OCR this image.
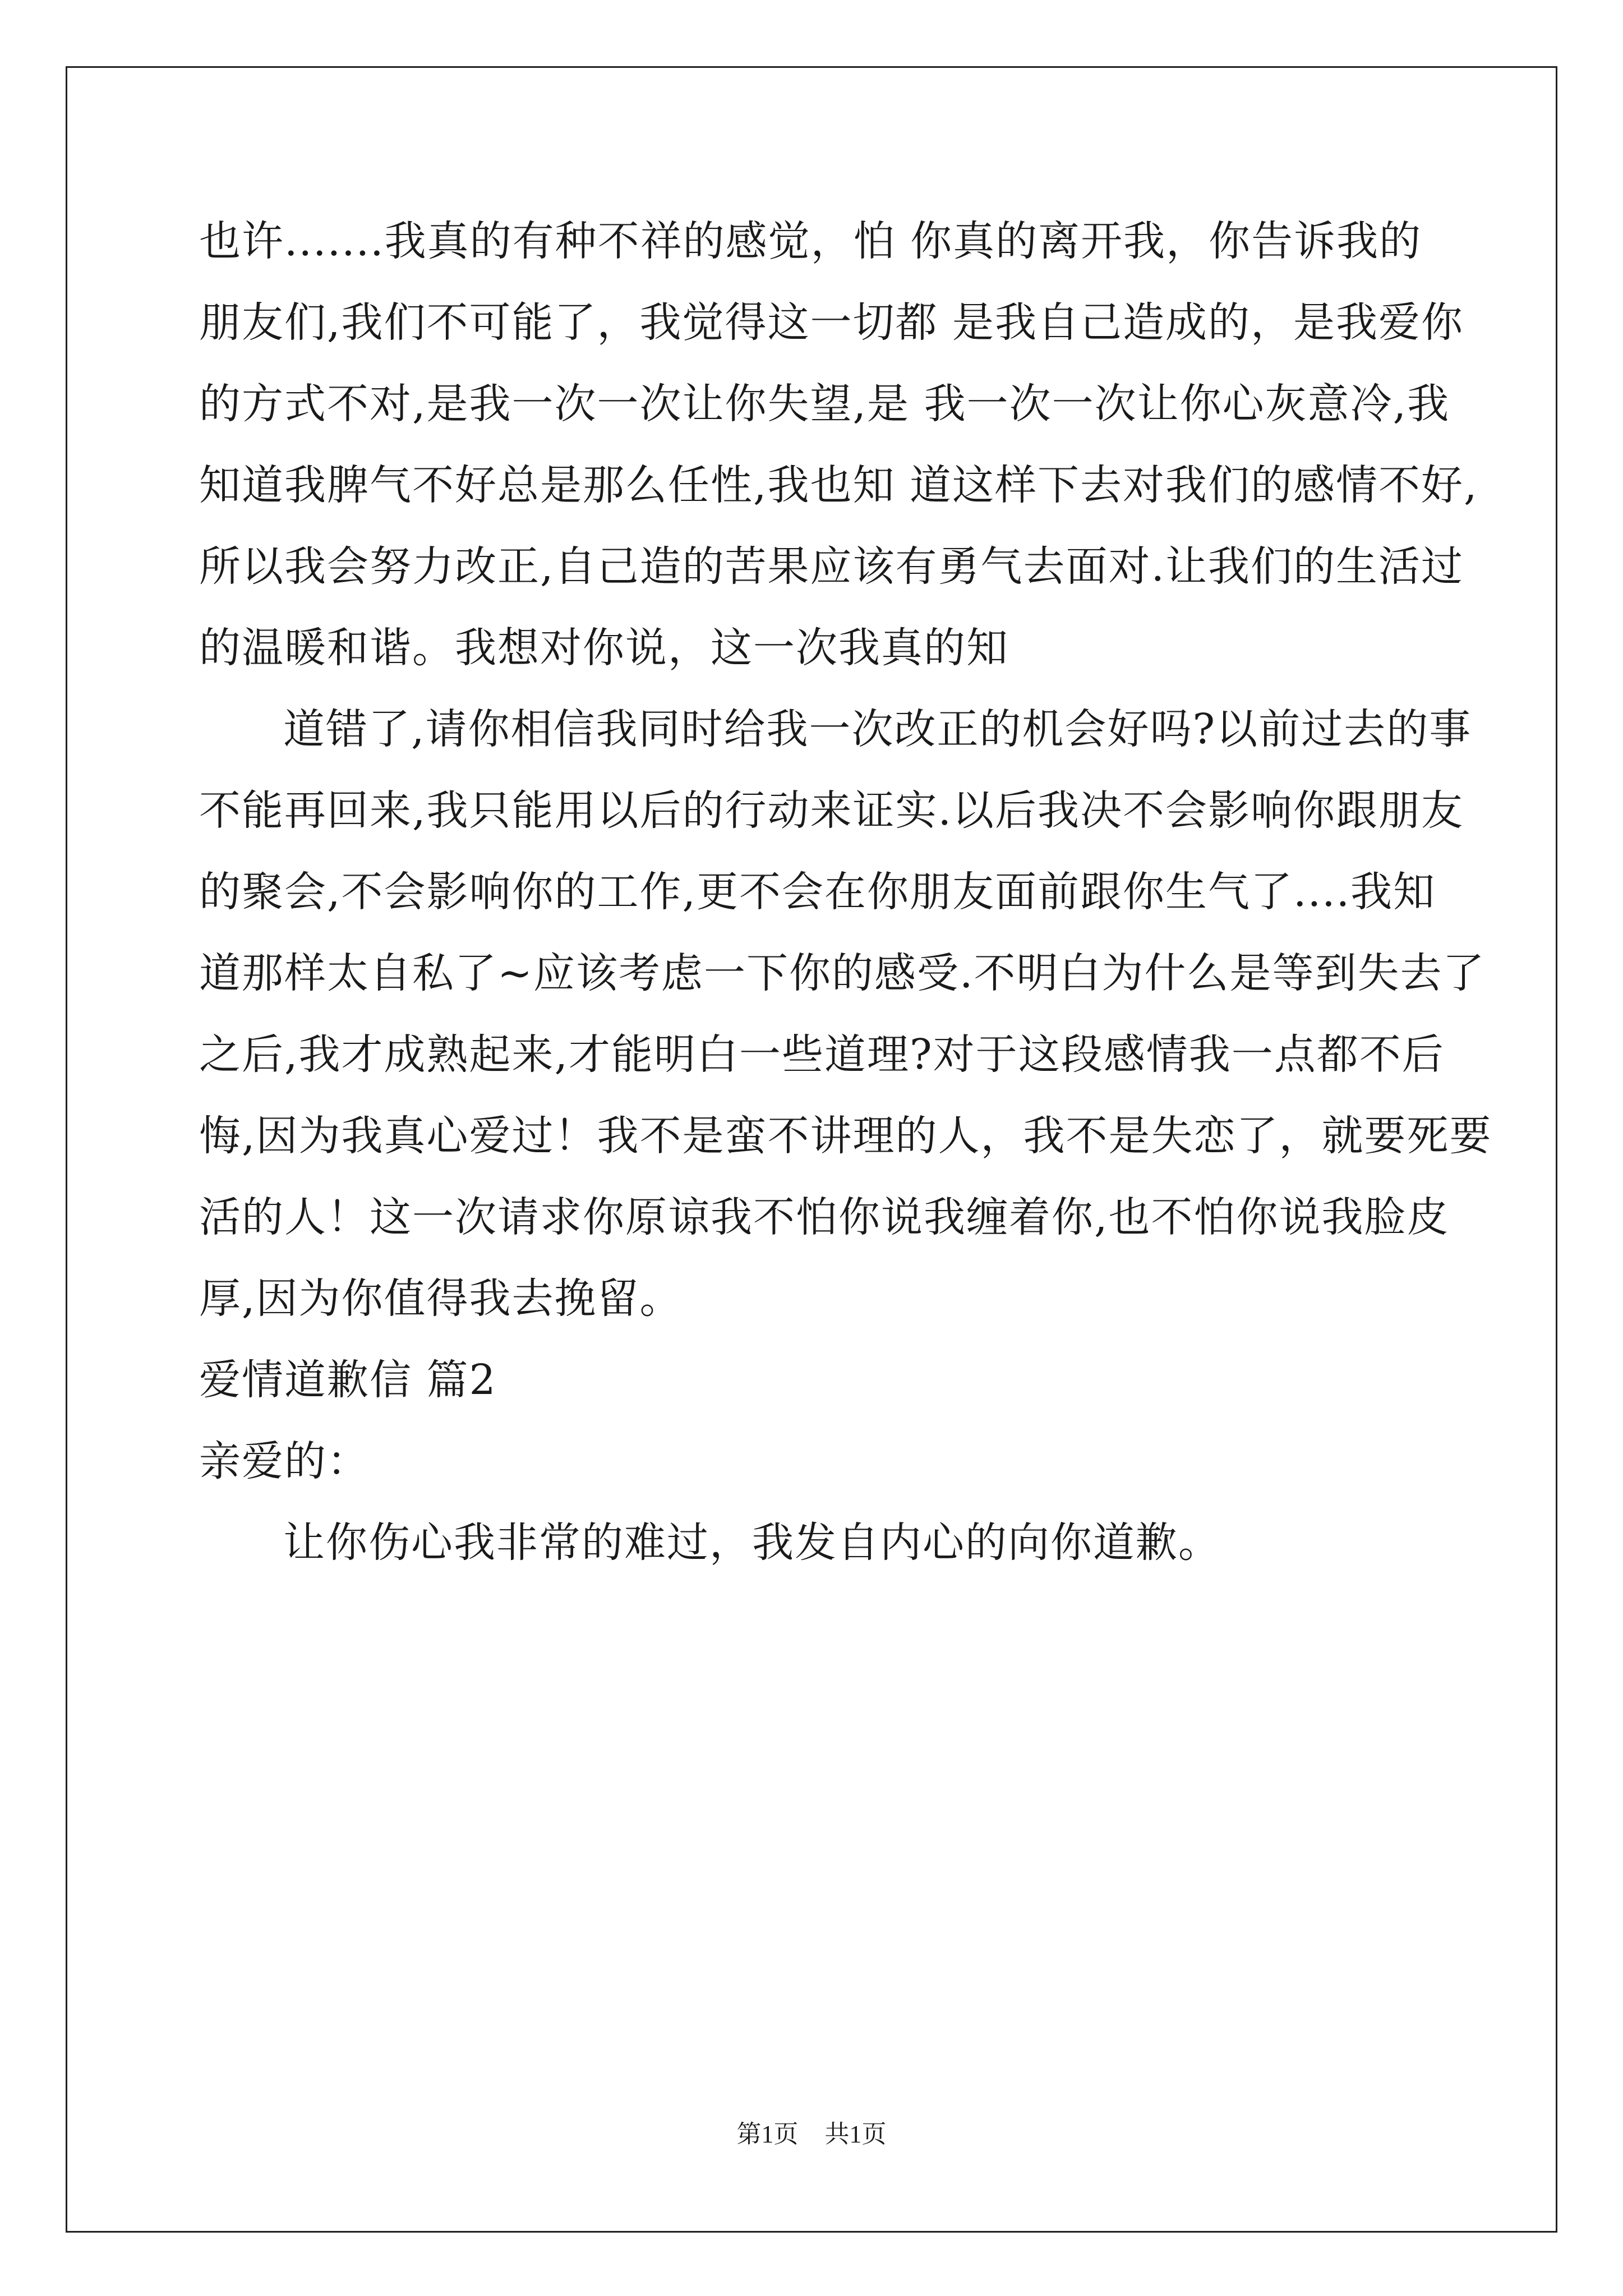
也许.......我真的有种不祥的感觉，怕 你真的离开我，你告诉我的
朋友们,我们不可能了，我觉得这一切都 是我自己造成的，是我爱你
的方式不对,是我一次一次让你失望,是 我一次一次让你心灰意冷,我
知道我脾气不好总是那么任性,我也知 道这样下去对我们的感情不好,
所以我会努力改正,自己造的苦果应该有勇气去面对.让我们的生活过
的温暖和谐。我想对你说，这一次我真的知
道错了,请你相信我同时给我一次改正的机会好吗?以前过去的事
不能再回来,我只能用以后的行动来证实.以后我决不会影响你跟朋友
的聚会,不会影响你的工作,更不会在你朋友面前跟你生气了....我知
道那样太自私了~应该考虑一下你的感受.不明白为什么是等到失去了
之后,我才成熟起来,才能明白一些道理?对于这段感情我一点都不后
悔,因为我真心爱过！我不是蛮不讲理的人，我不是失恋了，就要死要
活的人！这一次请求你原谅我不怕你说我缠着你,也不怕你说我脸皮
厚,因为你值得我去挽留。
爱情道歉信 篇2
亲爱的：
让你伤心我非常的难过，我发自内心的向你道歉。
第1页 共1页
